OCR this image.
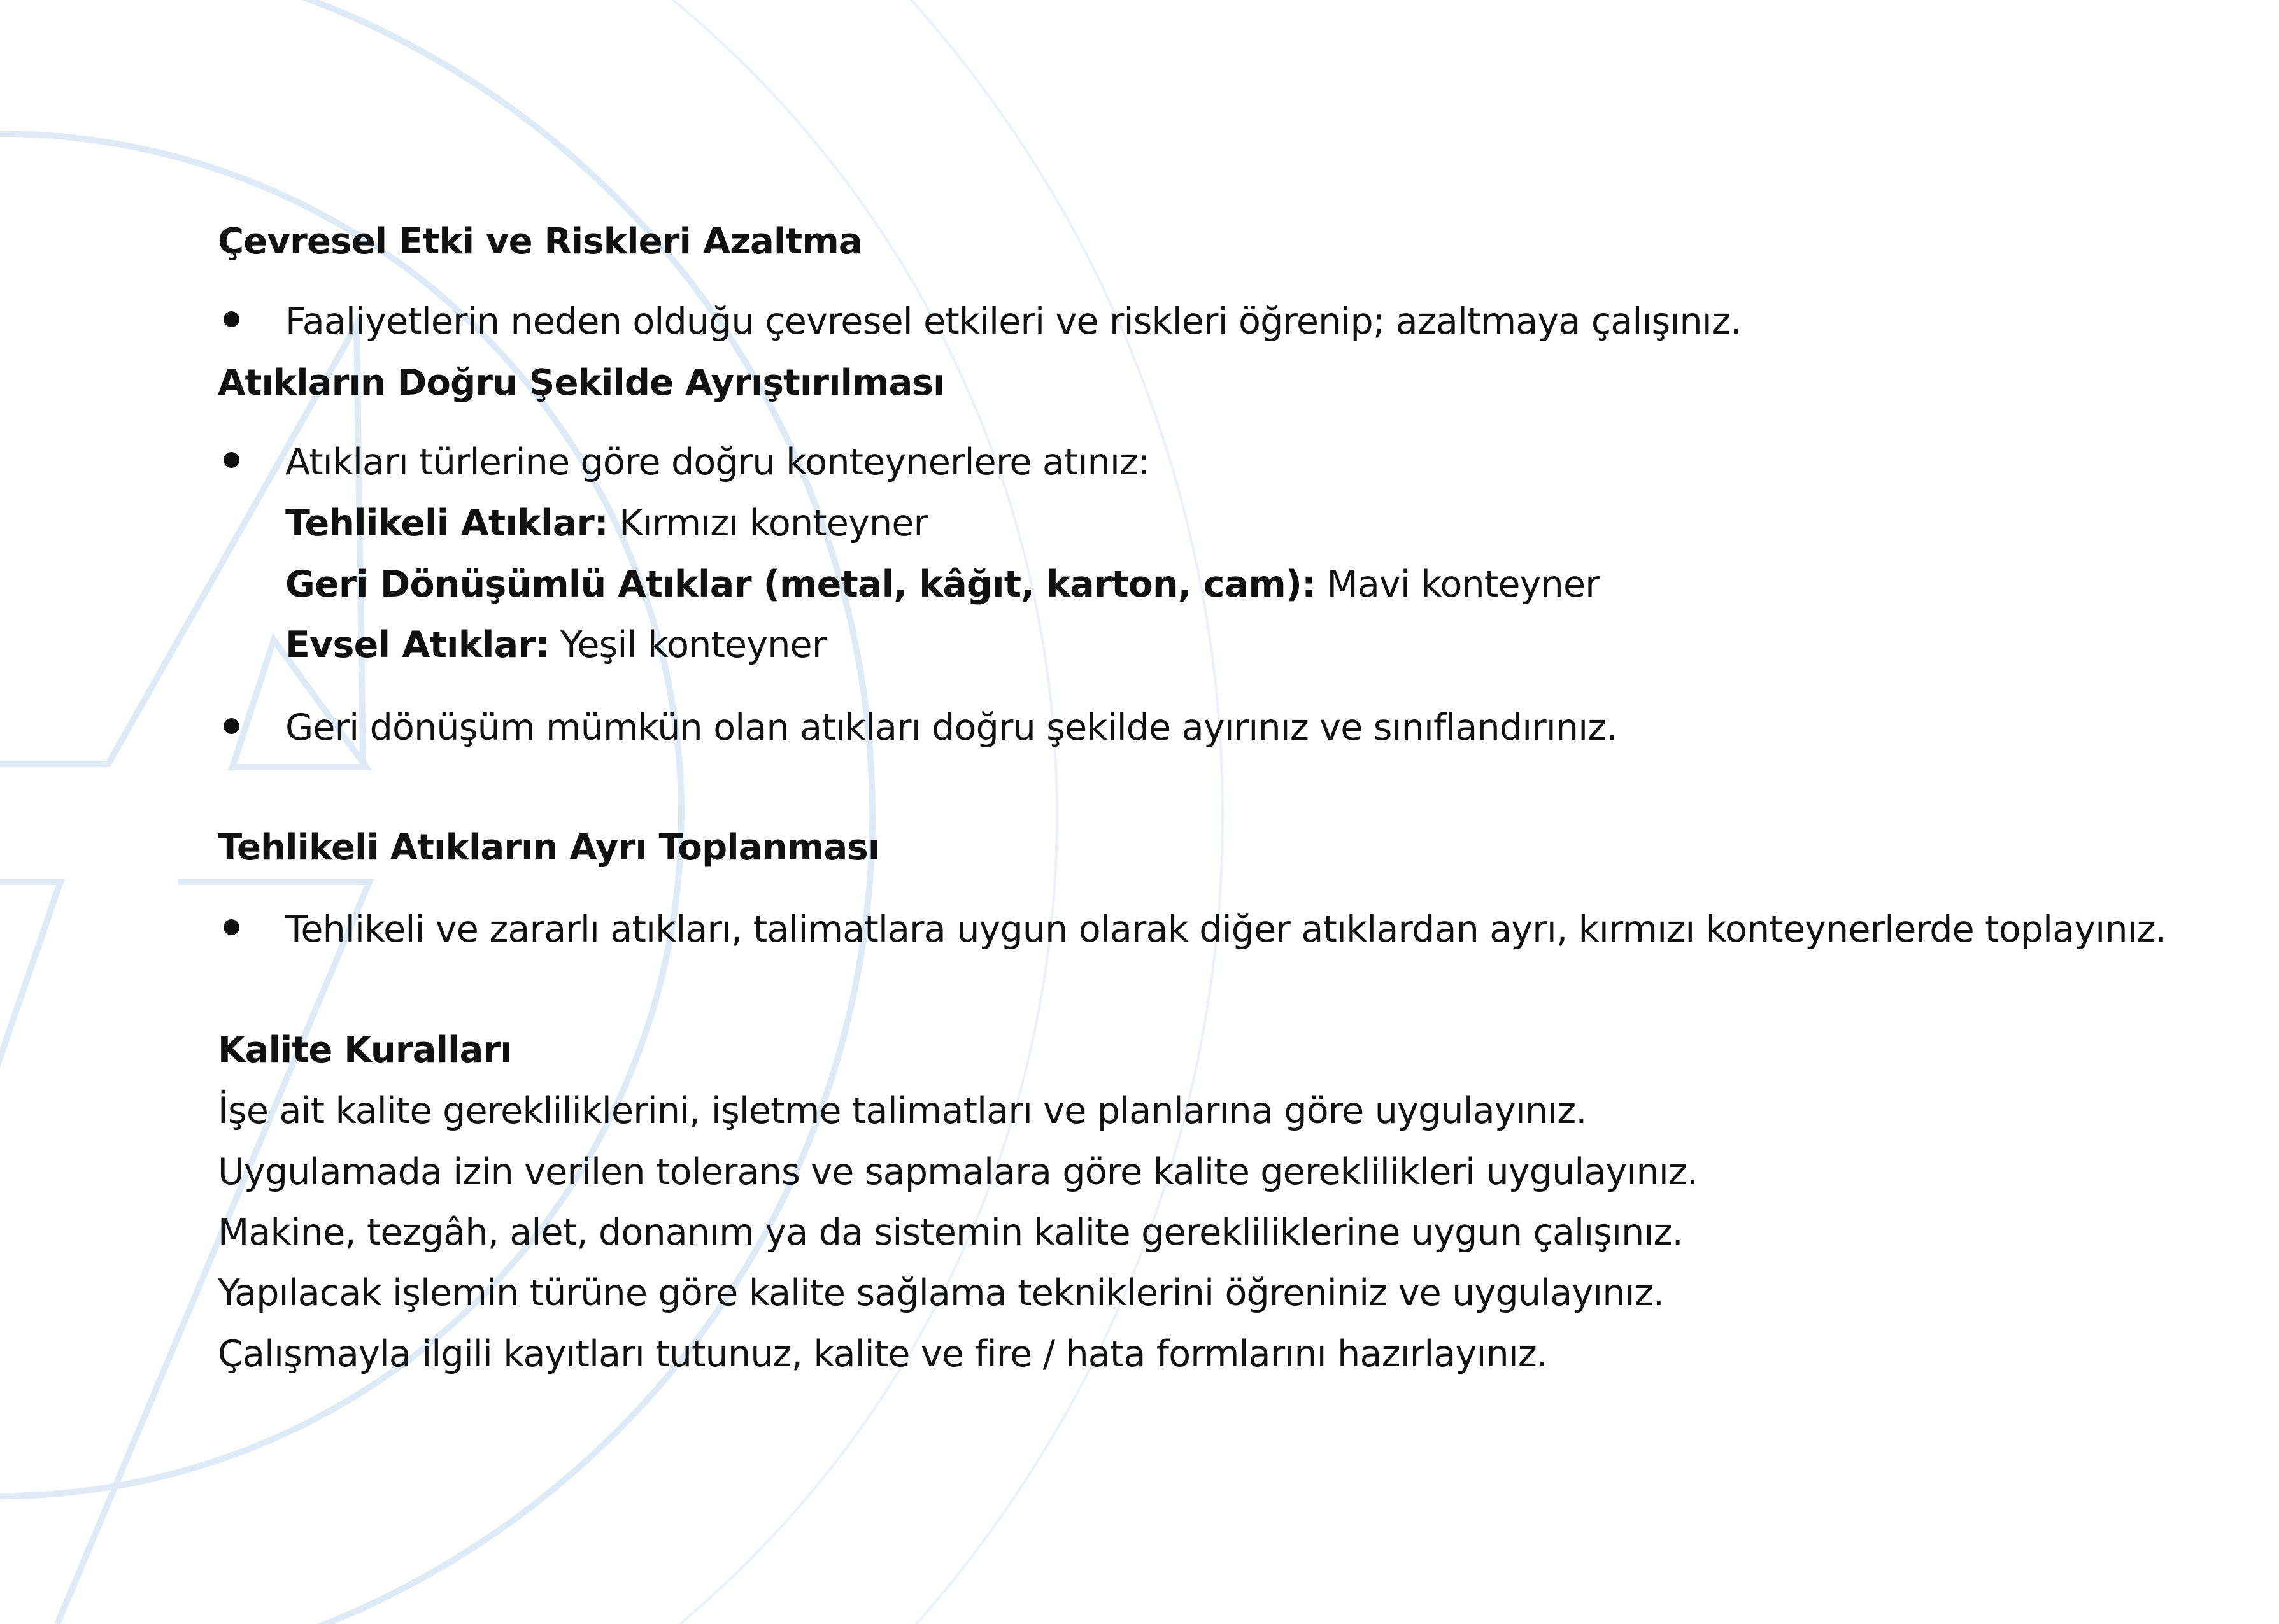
Çevresel Etki ve Riskleri Azaltma

Faaliyetlerin neden olduğu çevresel etkileri ve riskleri öğrenip; azaltmaya çalışınız.

Atıkların Doğru Şekilde Ayrıştırılması

Atıkları türlerine göre doğru konteynerlere atınız:

Tehlikeli Atıklar: Kırmızı konteyner

Geri Dönüşümlü Atıklar (metal, kâğıt, karton, cam): Mavi konteyner

Evsel Atıklar: Yeşil konteyner

Geri dönüşüm mümkün olan atıkları doğru şekilde ayırınız ve sınıflandırınız.

Tehlikeli Atıkların Ayrı Toplanması

Tehlikeli ve zararlı atıkları, talimatlara uygun olarak diğer atıklardan ayrı, kırmızı konteynerlerde toplayınız.

Kalite Kuralları

İşe ait kalite gerekliliklerini, işletme talimatları ve planlarına göre uygulayınız.

Uygulamada izin verilen tolerans ve sapmalara göre kalite gereklilikleri uygulayınız.

Makine, tezgâh, alet, donanım ya da sistemin kalite gerekliliklerine uygun çalışınız.

Yapılacak işlemin türüne göre kalite sağlama tekniklerini öğreniniz ve uygulayınız.

Çalışmayla ilgili kayıtları tutunuz, kalite ve fire / hata formlarını hazırlayınız.
